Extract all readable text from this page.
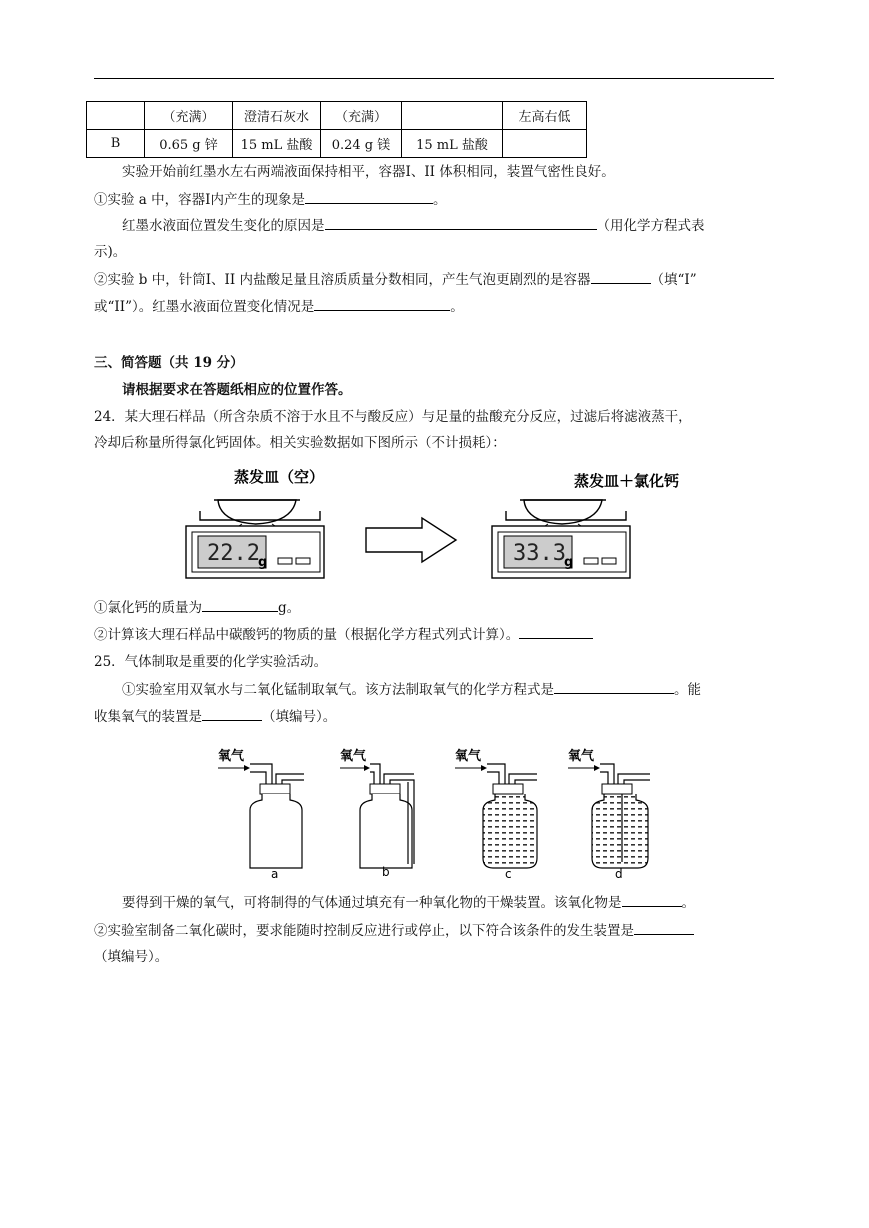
	（充满）	澄清石灰水	（充满）		左高右低
B	0.65 g 锌	15 mL 盐酸	0.24 g 镁	15 mL 盐酸	
实验开始前红墨水左右两端液面保持相平，容器Ⅰ、II 体积相同，装置气密性良好。
①实验 a 中，容器Ⅰ内产生的现象是	。
红墨水液面位置发生变化的原因是	（用化学方程式表
示)。
②实验 b 中，针筒Ⅰ、II 内盐酸足量且溶质质量分数相同，产生气泡更剧烈的是容器	（填“Ⅰ”
或“II”）。红墨水液面位置变化情况是	。
三、简答题（共 19 分）
请根据要求在答题纸相应的位置作答。
24．某大理石样品（所含杂质不溶于水且不与酸反应）与足量的盐酸充分反应，过滤后将滤液蒸干，
冷却后称量所得氯化钙固体。相关实验数据如下图所示（不计损耗）：
蒸发皿（空）
22.2
g
蒸发皿＋氯化钙
33.3
g
①氯化钙的质量为	g。
②计算该大理石样品中碳酸钙的物质的量（根据化学方程式列式计算）。
25．气体制取是重要的化学实验活动。
①实验室用双氧水与二氧化锰制取氧气。该方法制取氧气的化学方程式是	。能
收集氧气的装置是	（填编号）。
氧气
a
氧气
b
氧气
c
氧气
d
要得到干燥的氧气，可将制得的气体通过填充有一种氧化物的干燥装置。该氧化物是	。
②实验室制备二氧化碳时，要求能随时控制反应进行或停止，以下符合该条件的发生装置是
（填编号）。
